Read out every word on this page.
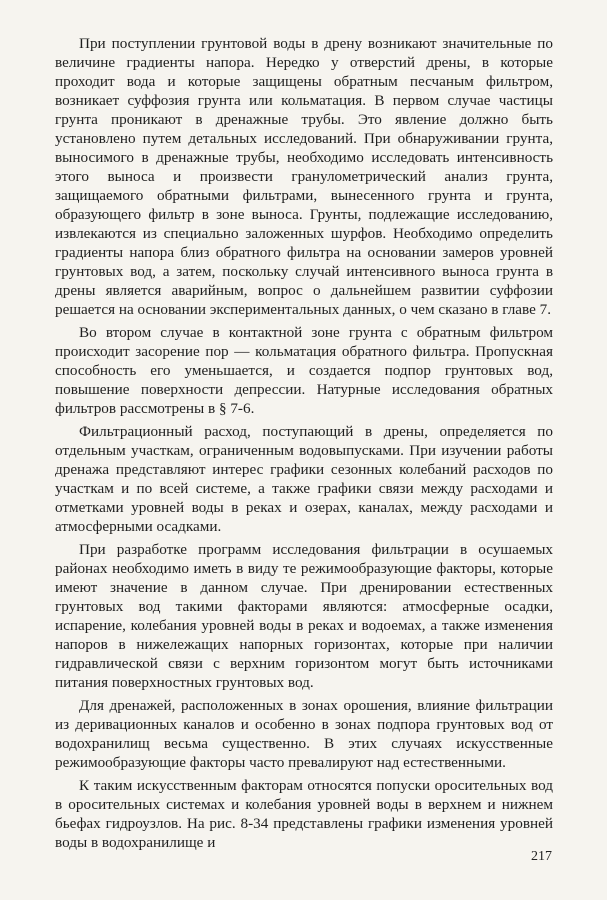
При поступлении грунтовой воды в дрену возникают значительные по величине градиенты напора. Нередко у отверстий дрены, в которые проходит вода и которые защищены обратным песчаным фильтром, возникает суффозия грунта или кольматация. В первом случае частицы грунта проникают в дренажные трубы. Это явление должно быть установлено путем детальных исследований. При обнаруживании грунта, выносимого в дренажные трубы, необходимо исследовать интенсивность этого выноса и произвести гранулометрический анализ грунта, защищаемого обратными фильтрами, вынесенного грунта и грунта, образующего фильтр в зоне выноса. Грунты, подлежащие исследованию, извлекаются из специально заложенных шурфов. Необходимо определить градиенты напора близ обратного фильтра на основании замеров уровней грунтовых вод, а затем, поскольку случай интенсивного выноса грунта в дрены является аварийным, вопрос о дальнейшем развитии суффозии решается на основании экспериментальных данных, о чем сказано в главе 7.

Во втором случае в контактной зоне грунта с обратным фильтром происходит засорение пор — кольматация обратного фильтра. Пропускная способность его уменьшается, и создается подпор грунтовых вод, повышение поверхности депрессии. Натурные исследования обратных фильтров рассмотрены в § 7-6.

Фильтрационный расход, поступающий в дрены, определяется по отдельным участкам, ограниченным водовыпусками. При изучении работы дренажа представляют интерес графики сезонных колебаний расходов по участкам и по всей системе, а также графики связи между расходами и отметками уровней воды в реках и озерах, каналах, между расходами и атмосферными осадками.

При разработке программ исследования фильтрации в осушаемых районах необходимо иметь в виду те режимообразующие факторы, которые имеют значение в данном случае. При дренировании естественных грунтовых вод такими факторами являются: атмосферные осадки, испарение, колебания уровней воды в реках и водоемах, а также изменения напоров в нижележащих напорных горизонтах, которые при наличии гидравлической связи с верхним горизонтом могут быть источниками питания поверхностных грунтовых вод.

Для дренажей, расположенных в зонах орошения, влияние фильтрации из деривационных каналов и особенно в зонах подпора грунтовых вод от водохранилищ весьма существенно. В этих случаях искусственные режимообразующие факторы часто превалируют над естественными.

К таким искусственным факторам относятся попуски оросительных вод в оросительных системах и колебания уровней воды в верхнем и нижнем бьефах гидроузлов. На рис. 8-34 представлены графики изменения уровней воды в водохранилище и

217
